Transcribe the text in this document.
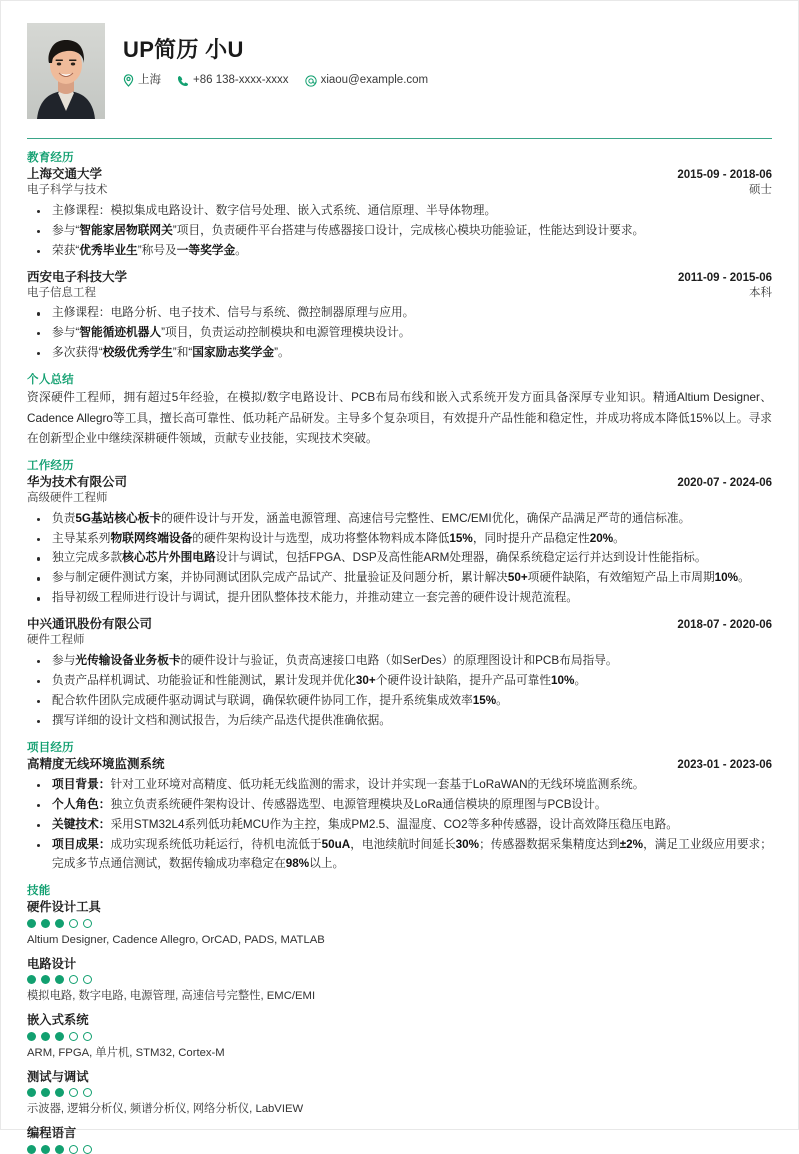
UP简历 小U
上海	+86 138-xxxx-xxxx	xiaou@example.com
教育经历
上海交通大学	2015-09 - 2018-06
电子科学与技术	硕士
主修课程：模拟集成电路设计、数字信号处理、嵌入式系统、通信原理、半导体物理。
参与“智能家居物联网关”项目，负责硬件平台搭建与传感器接口设计，完成核心模块功能验证，性能达到设计要求。
荣获“优秀毕业生”称号及一等奖学金。
西安电子科技大学	2011-09 - 2015-06
电子信息工程	本科
主修课程：电路分析、电子技术、信号与系统、微控制器原理与应用。
参与“智能循迹机器人”项目，负责运动控制模块和电源管理模块设计。
多次获得“校级优秀学生”和“国家励志奖学金”。
个人总结
资深硬件工程师，拥有超过5年经验，在模拟/数字电路设计、PCB布局布线和嵌入式系统开发方面具备深厚专业知识。精通Altium Designer、Cadence Allegro等工具，擅长高可靠性、低功耗产品研发。主导多个复杂项目，有效提升产品性能和稳定性，并成功将成本降低15%以上。寻求在创新型企业中继续深耕硬件领域，贡献专业技能，实现技术突破。
工作经历
华为技术有限公司	2020-07 - 2024-06
高级硬件工程师
负责5G基站核心板卡的硬件设计与开发，涵盖电源管理、高速信号完整性、EMC/EMI优化，确保产品满足严苛的通信标准。
主导某系列物联网终端设备的硬件架构设计与选型，成功将整体物料成本降低15%，同时提升产品稳定性20%。
独立完成多款核心芯片外围电路设计与调试，包括FPGA、DSP及高性能ARM处理器，确保系统稳定运行并达到设计性能指标。
参与制定硬件测试方案，并协同测试团队完成产品试产、批量验证及问题分析，累计解决50+项硬件缺陷，有效缩短产品上市周期10%。
指导初级工程师进行设计与调试，提升团队整体技术能力，并推动建立一套完善的硬件设计规范流程。
中兴通讯股份有限公司	2018-07 - 2020-06
硬件工程师
参与光传输设备业务板卡的硬件设计与验证，负责高速接口电路（如SerDes）的原理图设计和PCB布局指导。
负责产品样机调试、功能验证和性能测试，累计发现并优化30+个硬件设计缺陷，提升产品可靠性10%。
配合软件团队完成硬件驱动调试与联调，确保软硬件协同工作，提升系统集成效率15%。
撰写详细的设计文档和测试报告，为后续产品迭代提供准确依据。
项目经历
高精度无线环境监测系统	2023-01 - 2023-06
项目背景：针对工业环境对高精度、低功耗无线监测的需求，设计并实现一套基于LoRaWAN的无线环境监测系统。
个人角色：独立负责系统硬件架构设计、传感器选型、电源管理模块及LoRa通信模块的原理图与PCB设计。
关键技术：采用STM32L4系列低功耗MCU作为主控，集成PM2.5、温湿度、CO2等多种传感器，设计高效降压稳压电路。
项目成果：成功实现系统低功耗运行，待机电流低于50uA，电池续航时间延长30%；传感器数据采集精度达到±2%，满足工业级应用要求；完成多节点通信测试，数据传输成功率稳定在98%以上。
技能
硬件设计工具
Altium Designer, Cadence Allegro, OrCAD, PADS, MATLAB
电路设计
模拟电路, 数字电路, 电源管理, 高速信号完整性, EMC/EMI
嵌入式系统
ARM, FPGA, 单片机, STM32, Cortex-M
测试与调试
示波器, 逻辑分析仪, 频谱分析仪, 网络分析仪, LabVIEW
编程语言
